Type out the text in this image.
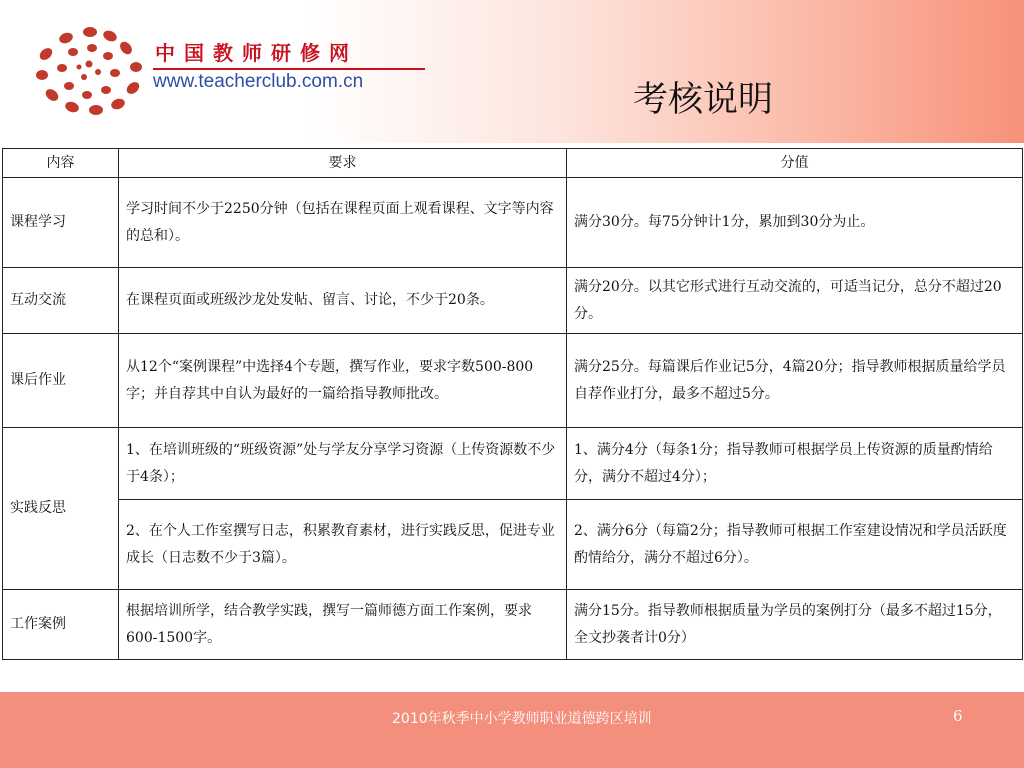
中国教师研修网
www.teacherclub.com.cn	考核说明
内容	要求	分值
课程学习	学习时间不少于2250分钟（包括在课程页面上观看课程、文字等内容的总和）。	满分30分。每75分钟计1分，累加到30分为止。
互动交流	在课程页面或班级沙龙处发帖、留言、讨论，不少于20条。	满分20分。以其它形式进行互动交流的，可适当记分，总分不超过20分。
课后作业	从12个“案例课程”中选择4个专题，撰写作业，要求字数500-800字；并自荐其中自认为最好的一篇给指导教师批改。	满分25分。每篇课后作业记5分，4篇20分；指导教师根据质量给学员自荐作业打分，最多不超过5分。
实践反思	1、在培训班级的“班级资源”处与学友分享学习资源（上传资源数不少于4条）；	1、满分4分（每条1分；指导教师可根据学员上传资源的质量酌情给分，满分不超过4分）；
	2、在个人工作室撰写日志，积累教育素材，进行实践反思，促进专业成长（日志数不少于3篇）。	2、满分6分（每篇2分；指导教师可根据工作室建设情况和学员活跃度酌情给分，满分不超过6分）。
工作案例	根据培训所学，结合教学实践，撰写一篇师德方面工作案例，要求600-1500字。	满分15分。指导教师根据质量为学员的案例打分（最多不超过15分，全文抄袭者计0分）
2010年秋季中小学教师职业道德跨区培训	6
